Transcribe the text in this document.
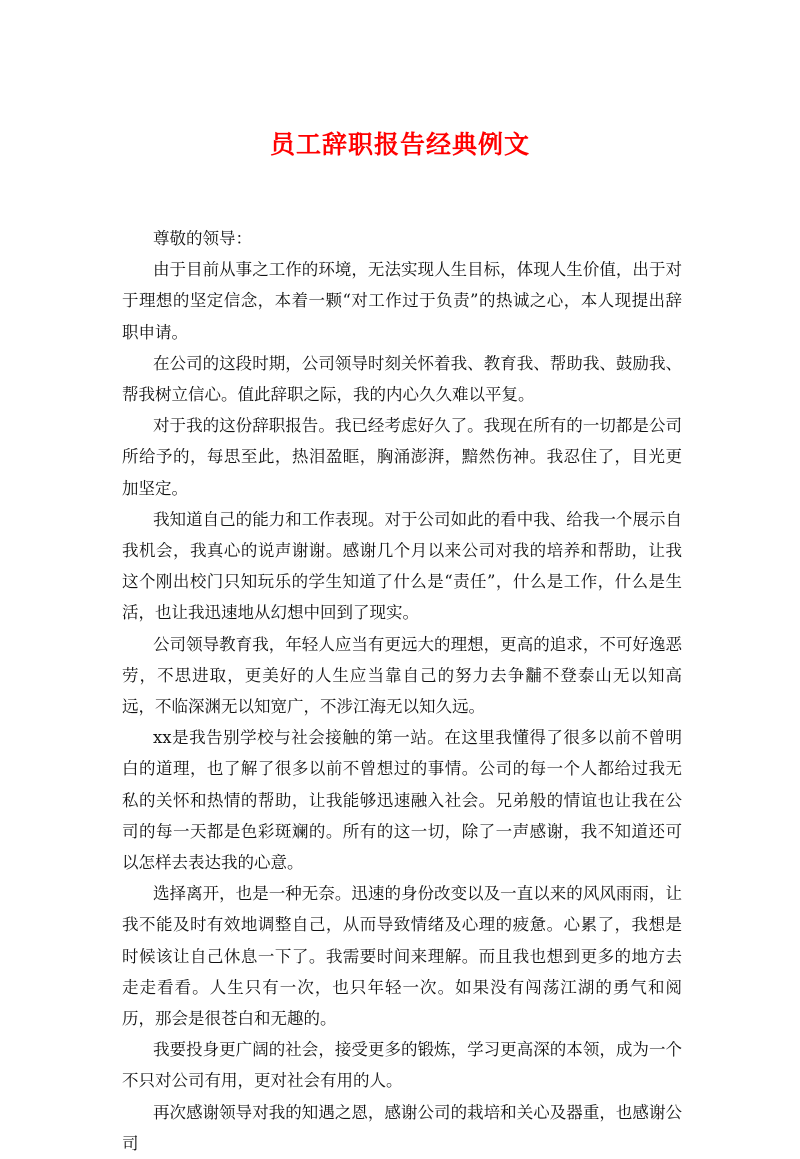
员工辞职报告经典例文

尊敬的领导：

由于目前从事之工作的环境，无法实现人生目标，体现人生价值，出于对于理想的坚定信念，本着一颗“对工作过于负责”的热诚之心，本人现提出辞职申请。

在公司的这段时期，公司领导时刻关怀着我、教育我、帮助我、鼓励我、帮我树立信心。值此辞职之际，我的内心久久难以平复。

对于我的这份辞职报告。我已经考虑好久了。我现在所有的一切都是公司所给予的，每思至此，热泪盈眶，胸涌澎湃，黯然伤神。我忍住了，目光更加坚定。

我知道自己的能力和工作表现。对于公司如此的看中我、给我一个展示自我机会，我真心的说声谢谢。感谢几个月以来公司对我的培养和帮助，让我这个刚出校门只知玩乐的学生知道了什么是“责任”，什么是工作，什么是生活，也让我迅速地从幻想中回到了现实。

公司领导教育我，年轻人应当有更远大的理想，更高的追求，不可好逸恶劳，不思进取，更美好的人生应当靠自己的努力去争黼不登泰山无以知高远，不临深渊无以知宽广，不涉江海无以知久远。

xx是我告别学校与社会接触的第一站。在这里我懂得了很多以前不曾明白的道理，也了解了很多以前不曾想过的事情。公司的每一个人都给过我无私的关怀和热情的帮助，让我能够迅速融入社会。兄弟般的情谊也让我在公司的每一天都是色彩斑斓的。所有的这一切，除了一声感谢，我不知道还可以怎样去表达我的心意。

选择离开，也是一种无奈。迅速的身份改变以及一直以来的风风雨雨，让我不能及时有效地调整自己，从而导致情绪及心理的疲惫。心累了，我想是时候该让自己休息一下了。我需要时间来理解。而且我也想到更多的地方去走走看看。人生只有一次，也只年轻一次。如果没有闯荡江湖的勇气和阅历，那会是很苍白和无趣的。

我要投身更广阔的社会，接受更多的锻炼，学习更高深的本领，成为一个不只对公司有用，更对社会有用的人。

再次感谢领导对我的知遇之恩，感谢公司的栽培和关心及器重，也感谢公司
